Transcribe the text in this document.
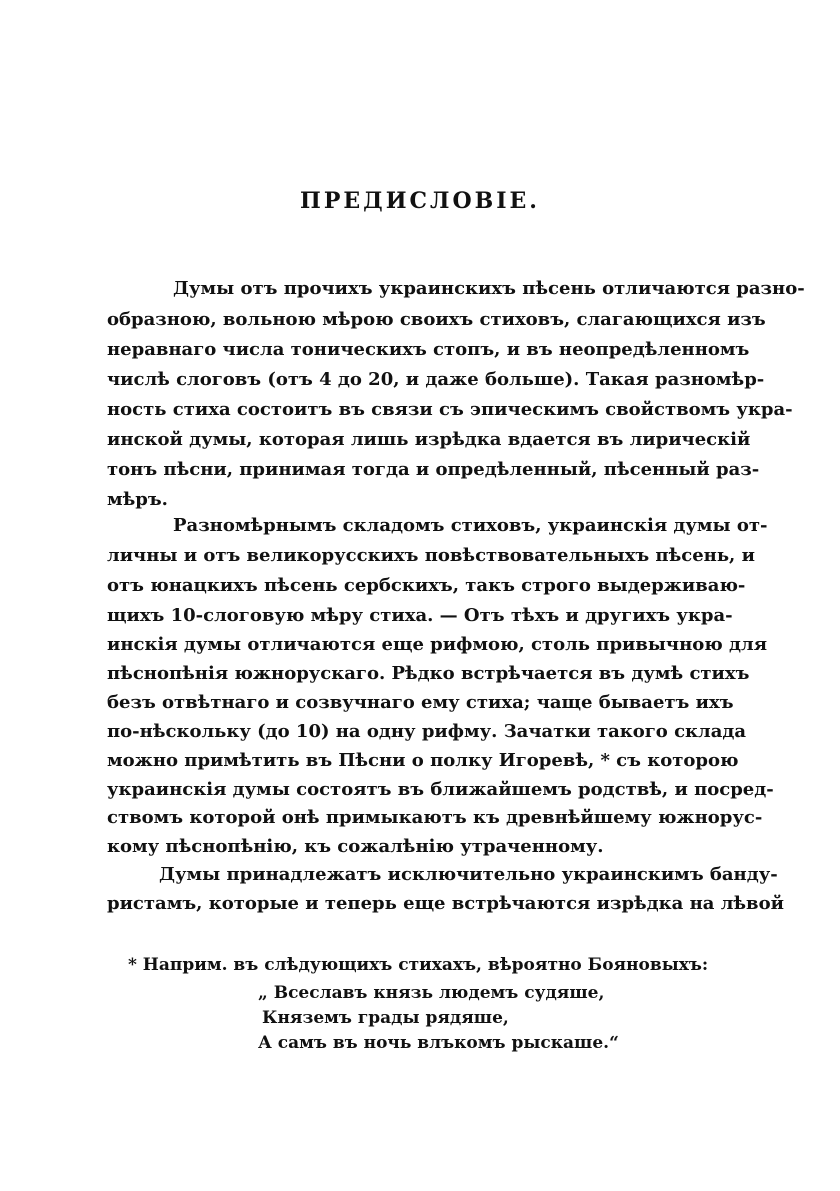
ПРЕДИСЛОВІЕ.
Думы отъ прочихъ украинскихъ пѣсень отличаются разно-
образною, вольною мѣрою своихъ стиховъ, слагающихся изъ
неравнаго числа тоническихъ стопъ, и въ неопредѣленномъ
числѣ слоговъ (отъ 4 до 20, и даже больше). Такая разномѣр-
ность стиха состоитъ въ связи съ эпическимъ свойствомъ укра-
инской думы, которая лишь изрѣдка вдается въ лирическій
тонъ пѣсни, принимая тогда и опредѣленный, пѣсенный раз-
мѣръ.
Разномѣрнымъ складомъ стиховъ, украинскія думы от-
личны и отъ великорусскихъ повѣствовательныхъ пѣсень, и
отъ юнацкихъ пѣсень сербскихъ, такъ строго выдерживаю-
щихъ 10-слоговую мѣру стиха. — Отъ тѣхъ и другихъ укра-
инскія думы отличаются еще рифмою, столь привычною для
пѣснопѣнія южнорускаго. Рѣдко встрѣчается въ думѣ стихъ
безъ отвѣтнаго и созвучнаго ему стиха; чаще бываетъ ихъ
по-нѣскольку (до 10) на одну рифму. Зачатки такого склада
можно примѣтить въ Пѣсни о полку Игоревѣ, * съ которою
украинскія думы состоятъ въ ближайшемъ родствѣ, и посред-
ствомъ которой онѣ примыкаютъ къ древнѣйшему южнорус-
кому пѣснопѣнію, къ сожалѣнію утраченному.
Думы принадлежатъ исключительно украинскимъ банду-
ристамъ, которые и теперь еще встрѣчаются изрѣдка на лѣвой
* Наприм. въ слѣдующихъ стихахъ, вѣроятно Бояновыхъ:
„ Всеславъ князь людемъ судяше,
Княземъ грады рядяше,
А самъ въ ночь влъкомъ рыскаше.“
